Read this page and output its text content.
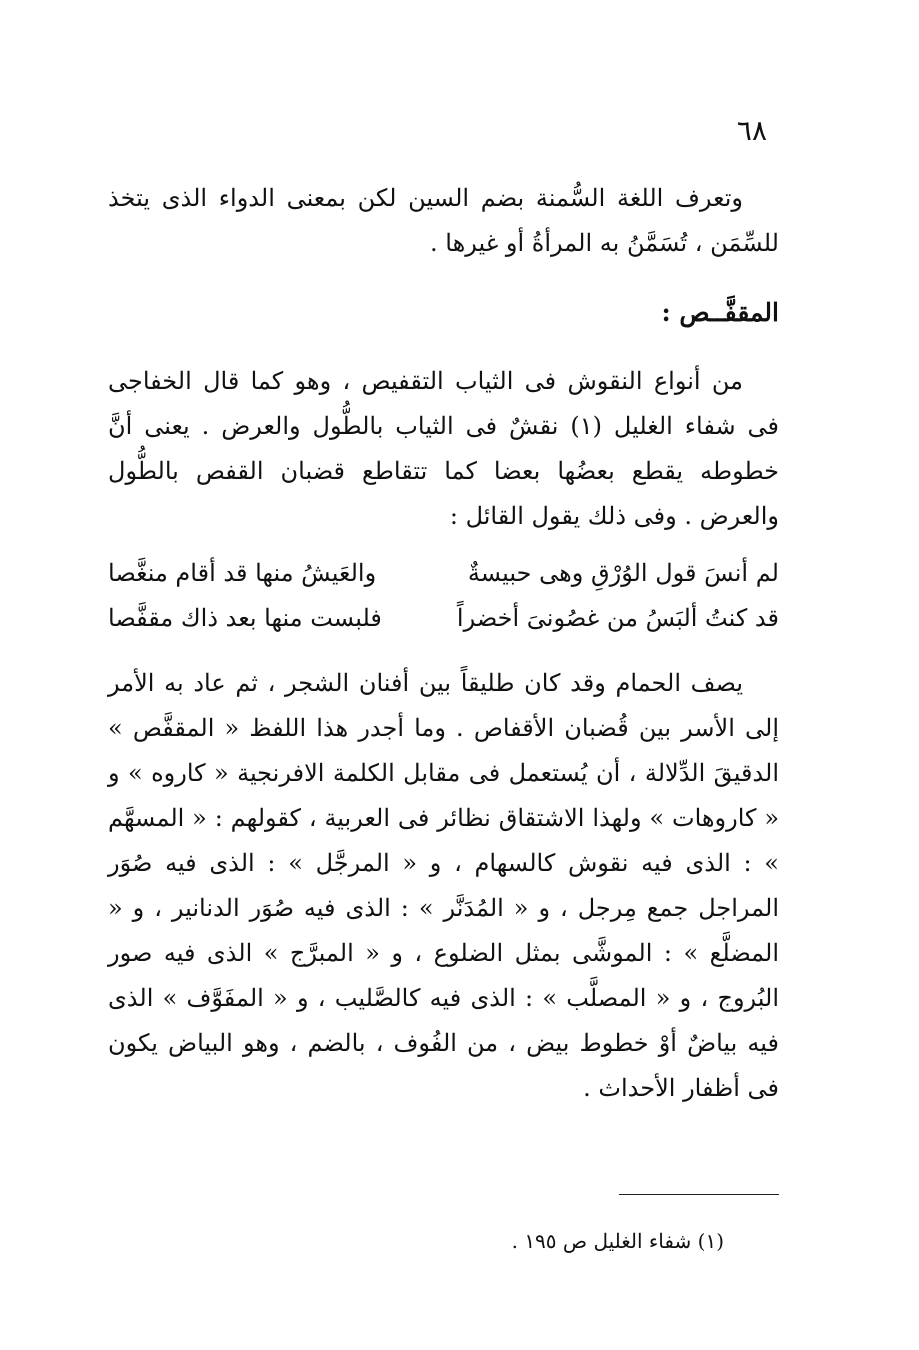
٦٨

وتعرف اللغة السُّمنة بضم السين لكن بمعنى الدواء الذى يتخذ للسِّمَن ، تُسَمَّنُ به المرأةُ أو غيرها .

المقفَّــص :

من أنواع النقوش فى الثياب التقفيص ، وهو كما قال الخفاجى فى شفاء الغليل (١) نقشٌ فى الثياب بالطُّول والعرض . يعنى أنَّ خطوطه يقطع بعضُها بعضا كما تتقاطع قضبان القفص بالطُّول والعرض . وفى ذلك يقول القائل :

لم أنسَ قول الوُرْقِ وهى حبيسةٌ
والعَيشُ منها قد أقام منغَّصا
قد كنتُ ألبَسُ من غصُونىَ أخضراً
فلبست منها بعد ذاك مقفَّصا

يصف الحمام وقد كان طليقاً بين أفنان الشجر ، ثم عاد به الأمر إلى الأسر بين قُضبان الأقفاص . وما أجدر هذا اللفظ « المقفَّص » الدقيقَ الدِّلالة ، أن يُستعمل فى مقابل الكلمة الافرنجية « كاروه » و « كاروهات » ولهذا الاشتقاق نظائر فى العربية ، كقولهم : « المسهَّم » : الذى فيه نقوش كالسهام ، و « المرجَّل » : الذى فيه صُوَر المراجل جمع مِرجل ، و « المُدَنَّر » : الذى فيه صُوَر الدنانير ، و « المضلَّع » : الموشَّى بمثل الضلوع ، و « المبرَّج » الذى فيه صور البُروج ، و « المصلَّب » : الذى فيه كالصَّليب ، و « المفَوَّف » الذى فيه بياضٌ أوْ خطوط بيض ، من الفُوف ، بالضم ، وهو البياض يكون فى أظفار الأحداث .

(١) شفاء الغليل ص ١٩٥ .
